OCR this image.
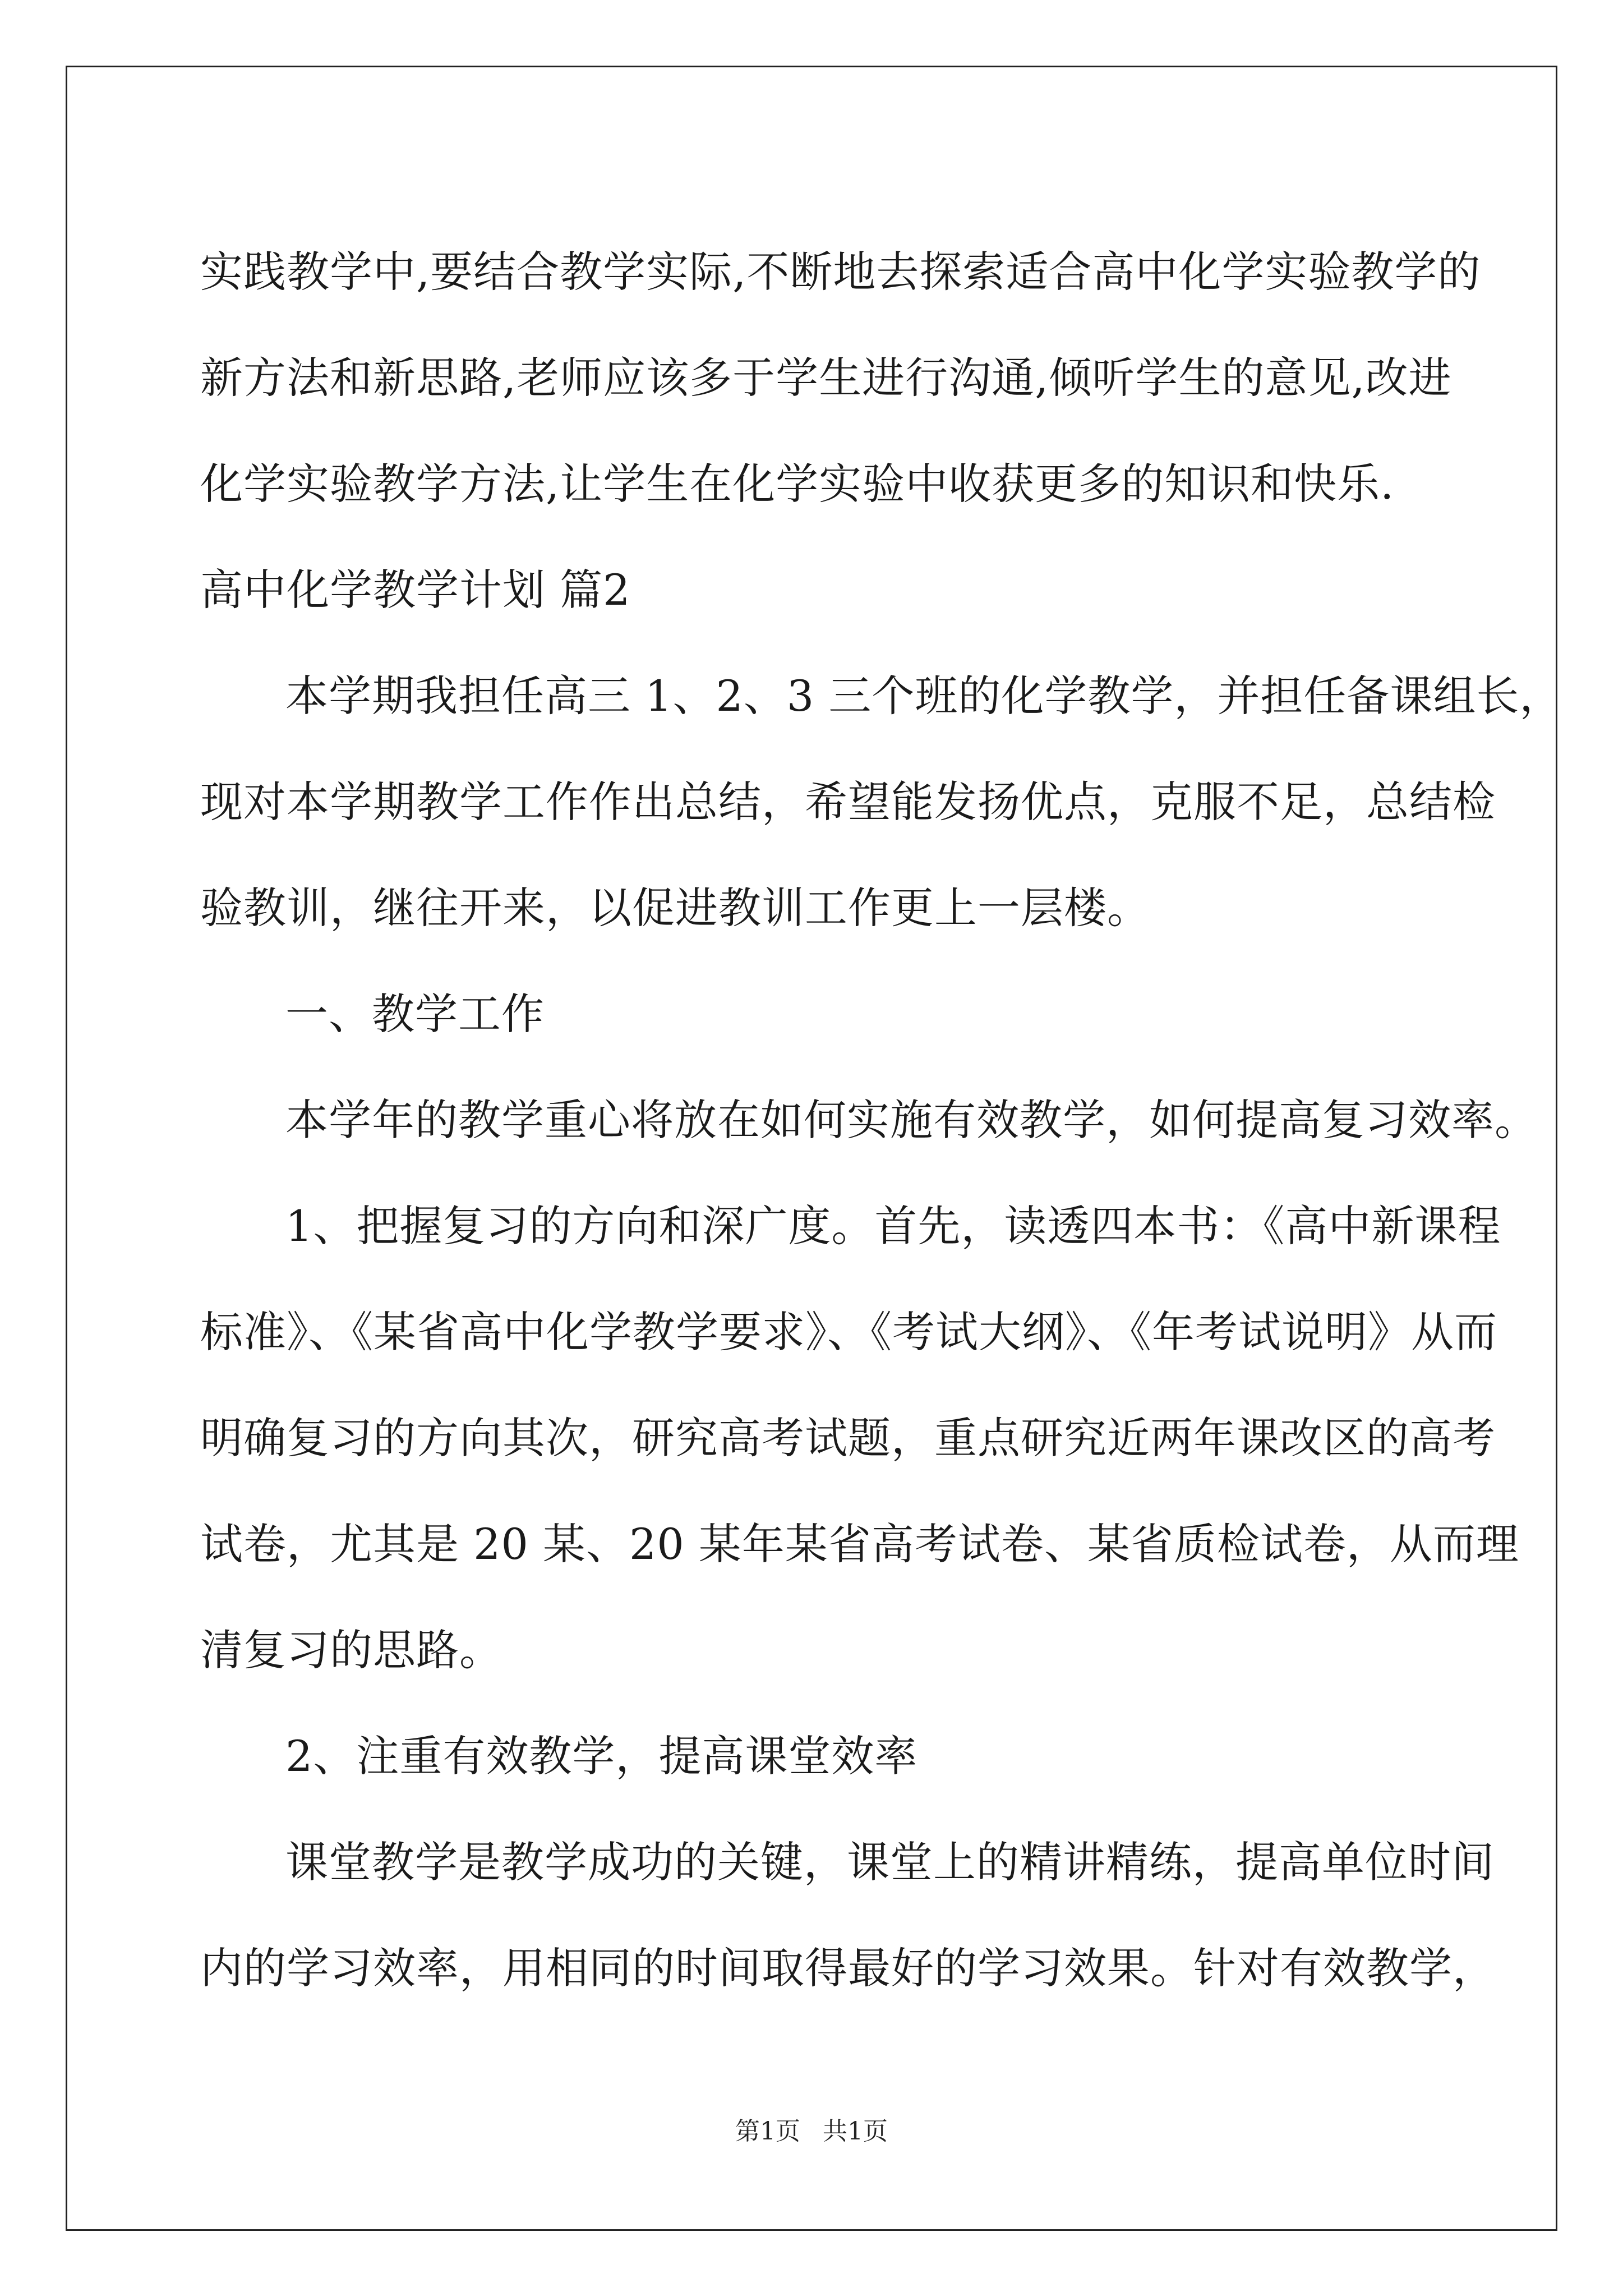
实践教学中,要结合教学实际,不断地去探索适合高中化学实验教学的
新方法和新思路,老师应该多于学生进行沟通,倾听学生的意见,改进
化学实验教学方法,让学生在化学实验中收获更多的知识和快乐.
高中化学教学计划 篇2
本学期我担任高三 1、2、3 三个班的化学教学，并担任备课组长，
现对本学期教学工作作出总结，希望能发扬优点，克服不足，总结检
验教训，继往开来，以促进教训工作更上一层楼。
一、教学工作
本学年的教学重心将放在如何实施有效教学，如何提高复习效率。
1、把握复习的方向和深广度。首先，读透四本书：《高中新课程
标准》、《某省高中化学教学要求》、《考试大纲》、《年考试说明》从而
明确复习的方向其次，研究高考试题，重点研究近两年课改区的高考
试卷，尤其是 20 某、20 某年某省高考试卷、某省质检试卷，从而理
清复习的思路。
2、注重有效教学，提高课堂效率
课堂教学是教学成功的关键，课堂上的精讲精练，提高单位时间
内的学习效率，用相同的时间取得最好的学习效果。针对有效教学，
第1页 共1页
